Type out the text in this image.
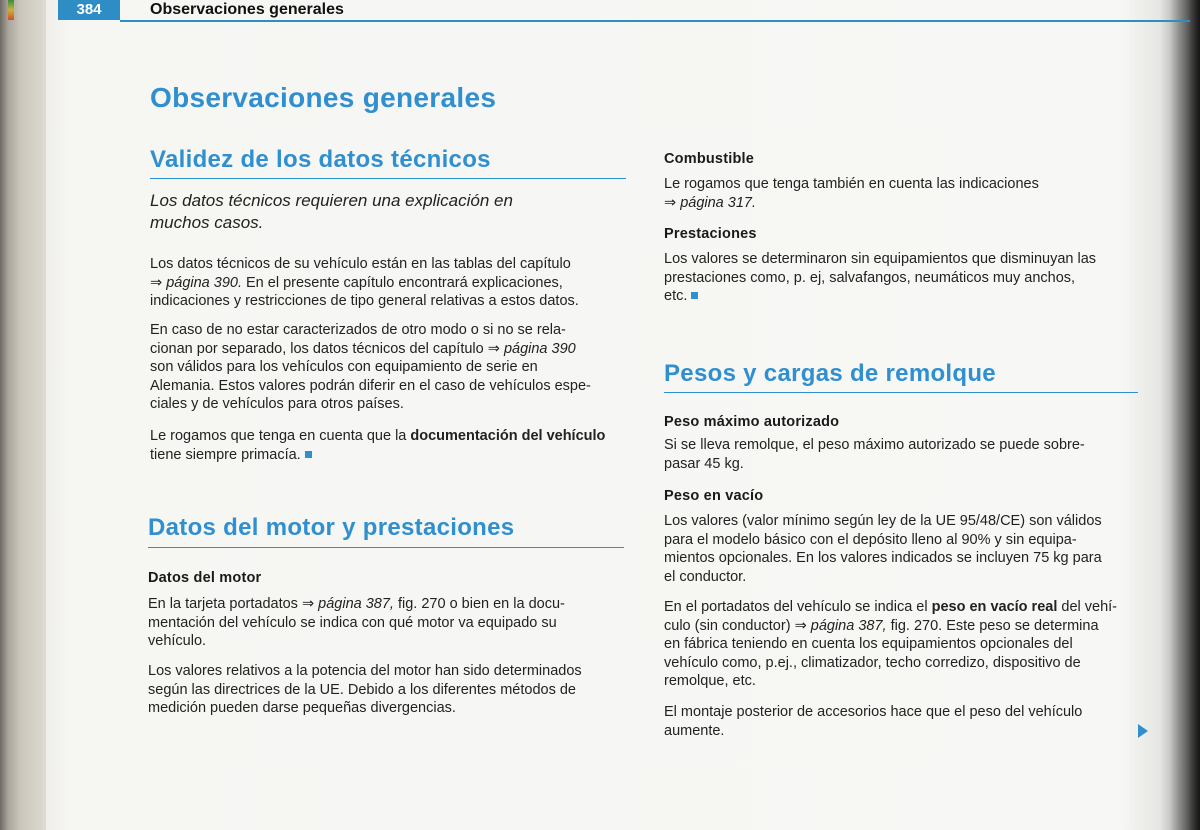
384	Observaciones generales
Observaciones generales
Validez de los datos técnicos
Los datos técnicos requieren una explicación en
muchos casos.
Los datos técnicos de su vehículo están en las tablas del capítulo
⇒ página 390. En el presente capítulo encontrará explicaciones,
indicaciones y restricciones de tipo general relativas a estos datos.
En caso de no estar caracterizados de otro modo o si no se rela-
cionan por separado, los datos técnicos del capítulo ⇒ página 390
son válidos para los vehículos con equipamiento de serie en
Alemania. Estos valores podrán diferir en el caso de vehículos espe-
ciales y de vehículos para otros países.
Le rogamos que tenga en cuenta que la documentación del vehículo
tiene siempre primacía.
Datos del motor y prestaciones
Datos del motor
En la tarjeta portadatos ⇒ página 387, fig. 270 o bien en la docu-
mentación del vehículo se indica con qué motor va equipado su
vehículo.
Los valores relativos a la potencia del motor han sido determinados
según las directrices de la UE. Debido a los diferentes métodos de
medición pueden darse pequeñas divergencias.
Combustible
Le rogamos que tenga también en cuenta las indicaciones
⇒ página 317.
Prestaciones
Los valores se determinaron sin equipamientos que disminuyan las
prestaciones como, p. ej, salvafangos, neumáticos muy anchos,
etc.
Pesos y cargas de remolque
Peso máximo autorizado
Si se lleva remolque, el peso máximo autorizado se puede sobre-
pasar 45 kg.
Peso en vacío
Los valores (valor mínimo según ley de la UE 95/48/CE) son válidos
para el modelo básico con el depósito lleno al 90% y sin equipa-
mientos opcionales. En los valores indicados se incluyen 75 kg para
el conductor.
En el portadatos del vehículo se indica el peso en vacío real del vehí-
culo (sin conductor) ⇒ página 387, fig. 270. Este peso se determina
en fábrica teniendo en cuenta los equipamientos opcionales del
vehículo como, p.ej., climatizador, techo corredizo, dispositivo de
remolque, etc.
El montaje posterior de accesorios hace que el peso del vehículo
aumente.
